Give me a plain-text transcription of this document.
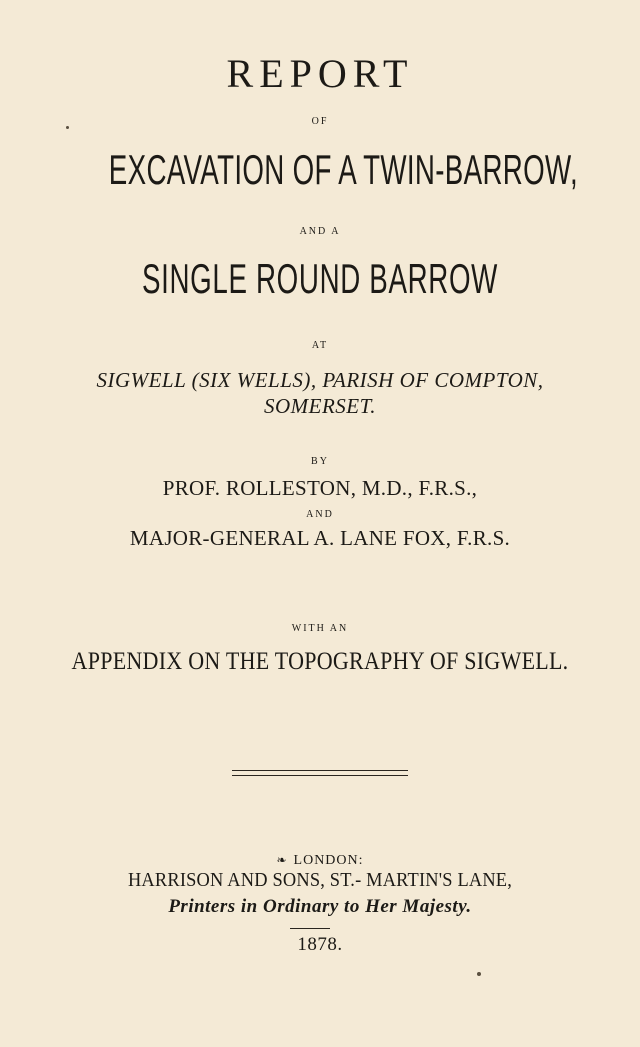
REPORT
OF
EXCAVATION OF A TWIN-BARROW,
AND A
SINGLE ROUND BARROW
AT
SIGWELL (SIX WELLS), PARISH OF COMPTON,
SOMERSET.
BY
PROF. ROLLESTON, M.D., F.R.S.,
AND
MAJOR-GENERAL A. LANE FOX, F.R.S.
WITH AN
APPENDIX ON THE TOPOGRAPHY OF SIGWELL.
❧ LONDON:
HARRISON AND SONS, ST.- MARTIN'S LANE,
Printers in Ordinary to Her Majesty.
1878.
